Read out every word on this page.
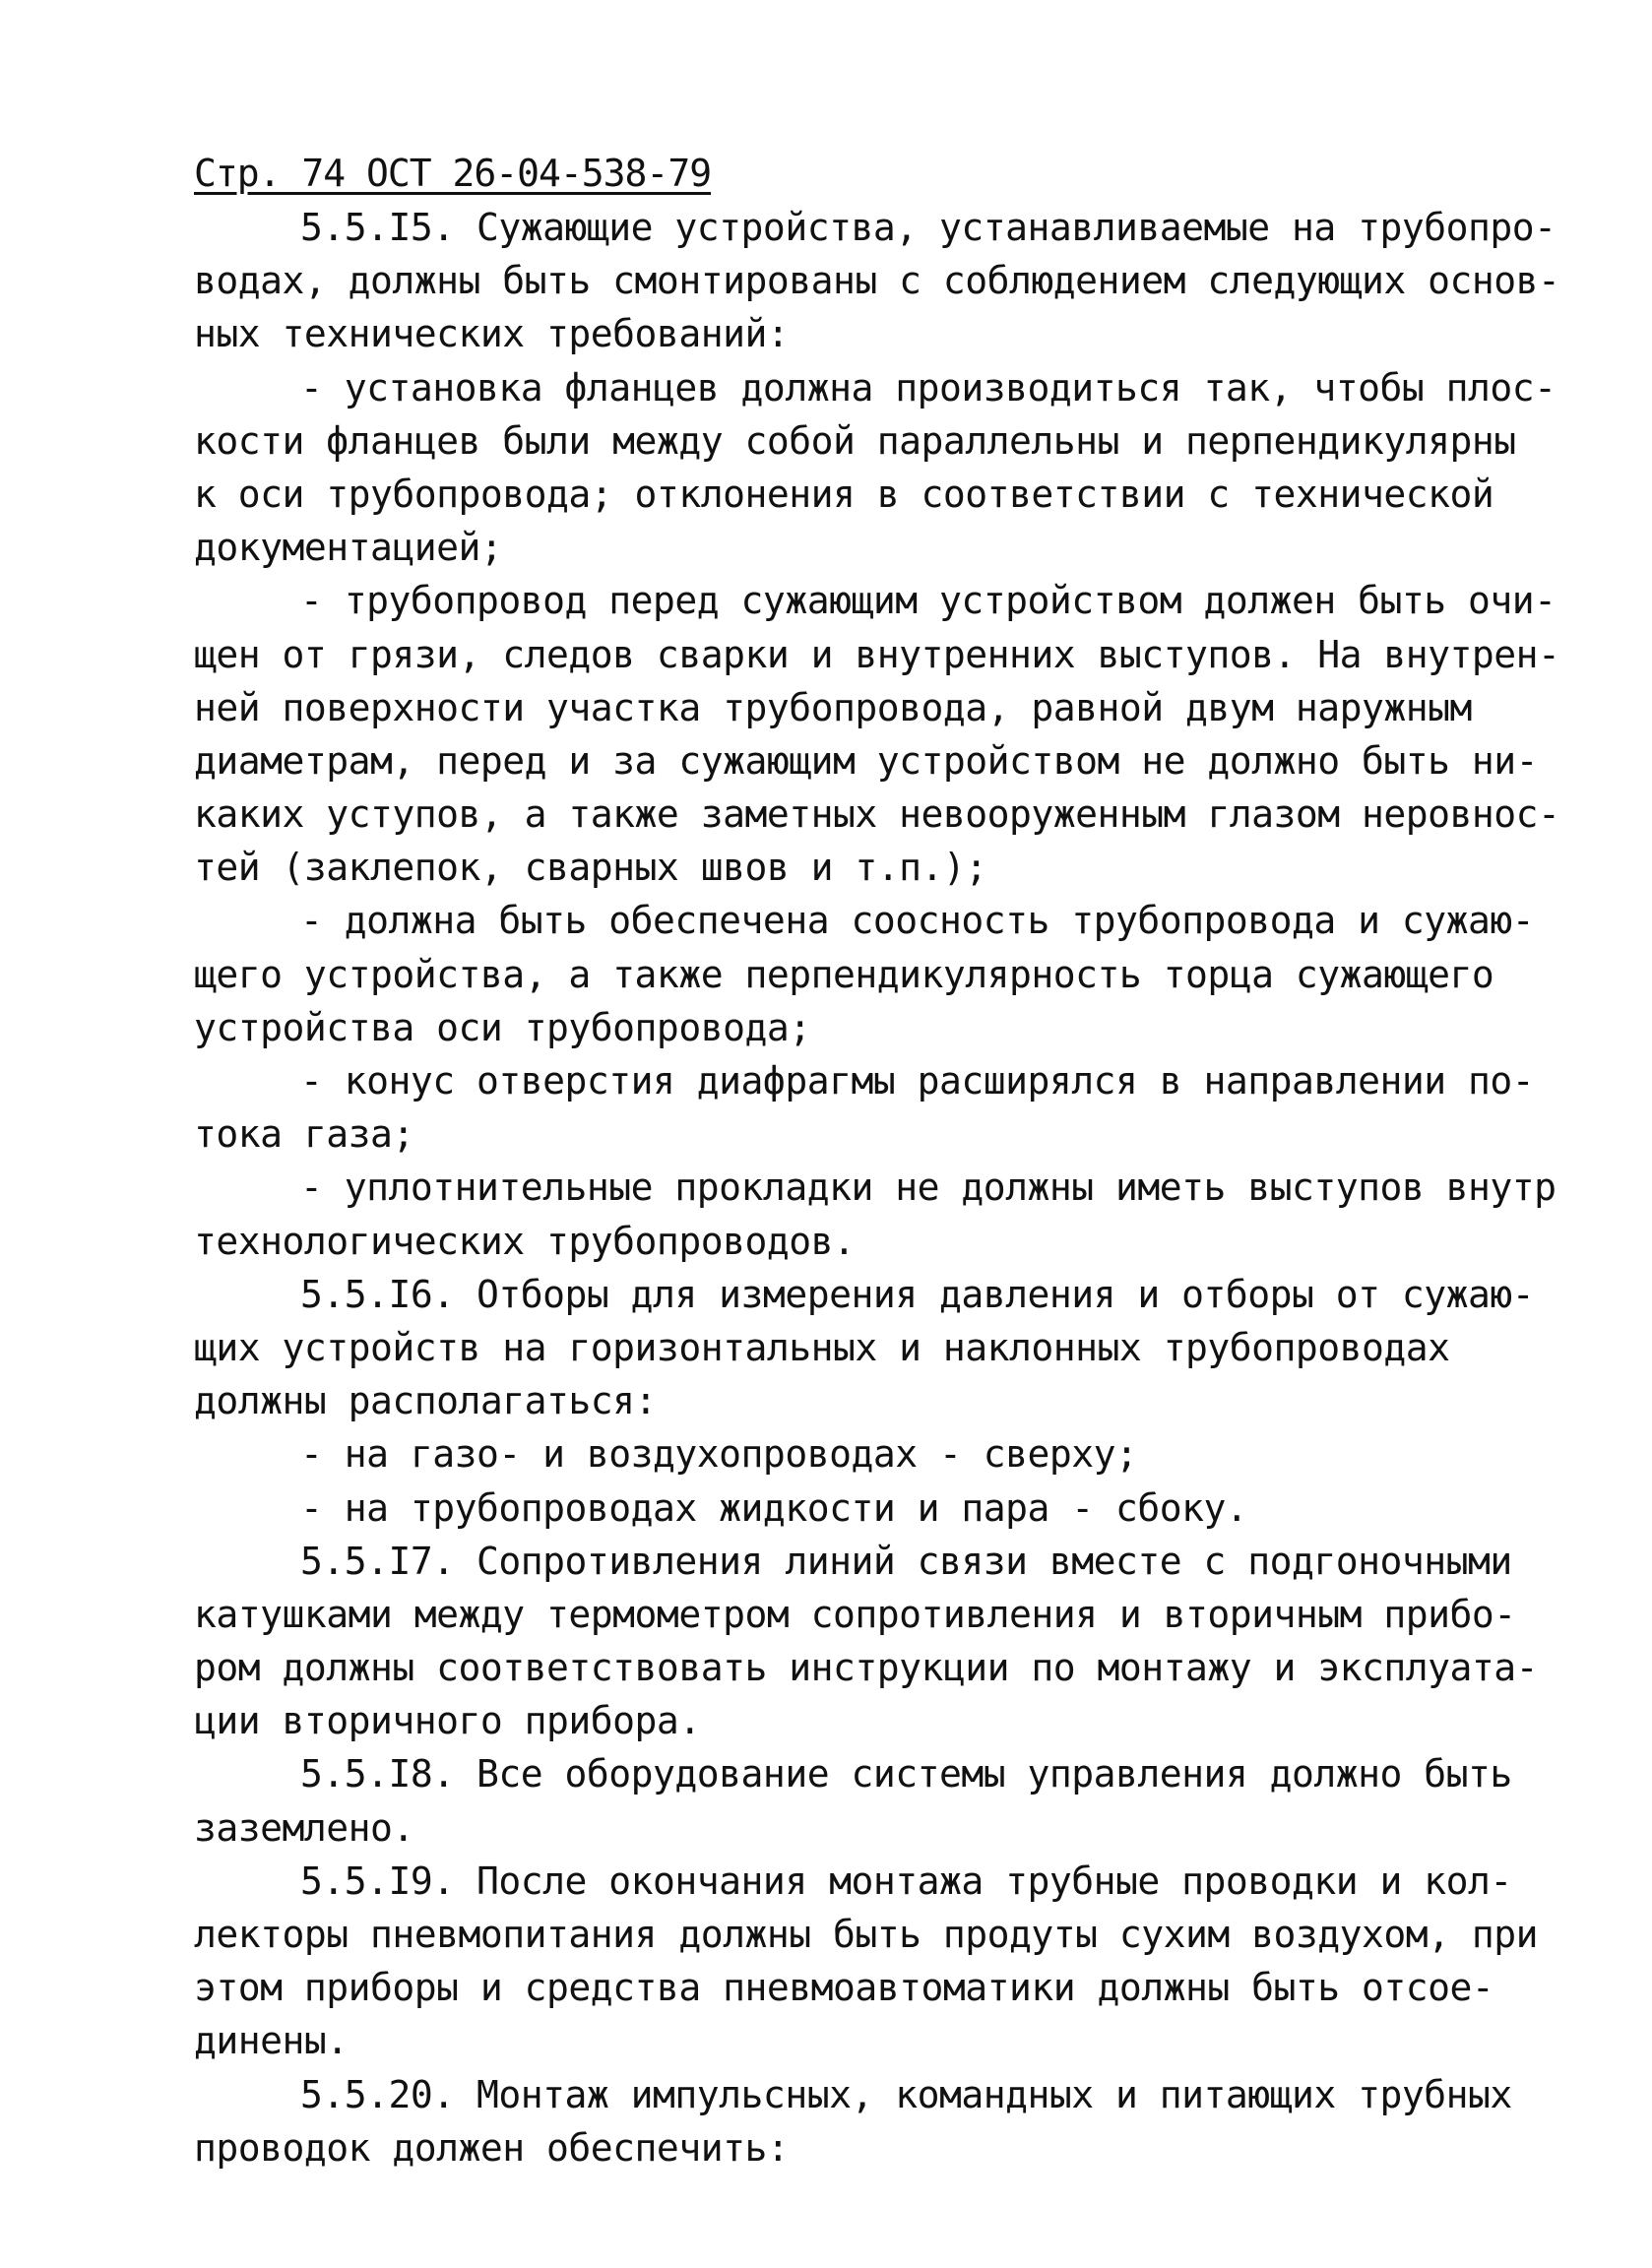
Стр. 74 ОСТ 26-04-538-79
5.5.I5. Сужающие устройства, устанавливаемые на трубопро-
водах, должны быть смонтированы с соблюдением следующих основ-
ных технических требований:
- установка фланцев должна производиться так, чтобы плос-
кости фланцев были между собой параллельны и перпендикулярны
к оси трубопровода; отклонения в соответствии с технической
документацией;
- трубопровод перед сужающим устройством должен быть очи-
щен от грязи, следов сварки и внутренних выступов. На внутрен-
ней поверхности участка трубопровода, равной двум наружным
диаметрам, перед и за сужающим устройством не должно быть ни-
каких уступов, а также заметных невооруженным глазом неровнос-
тей (заклепок, сварных швов и т.п.);
- должна быть обеспечена соосность трубопровода и сужаю-
щего устройства, а также перпендикулярность торца сужающего
устройства оси трубопровода;
- конус отверстия диафрагмы расширялся в направлении по-
тока газа;
- уплотнительные прокладки не должны иметь выступов внутр
технологических трубопроводов.
5.5.I6. Отборы для измерения давления и отборы от сужаю-
щих устройств на горизонтальных и наклонных трубопроводах
должны располагаться:
- на газо- и воздухопроводах - сверху;
- на трубопроводах жидкости и пара - сбоку.
5.5.I7. Сопротивления линий связи вместе с подгоночными
катушками между термометром сопротивления и вторичным прибо-
ром должны соответствовать инструкции по монтажу и эксплуата-
ции вторичного прибора.
5.5.I8. Все оборудование системы управления должно быть
заземлено.
5.5.I9. После окончания монтажа трубные проводки и кол-
лекторы пневмопитания должны быть продуты сухим воздухом, при
этом приборы и средства пневмоавтоматики должны быть отсое-
динены.
5.5.20. Монтаж импульсных, командных и питающих трубных
проводок должен обеспечить:
